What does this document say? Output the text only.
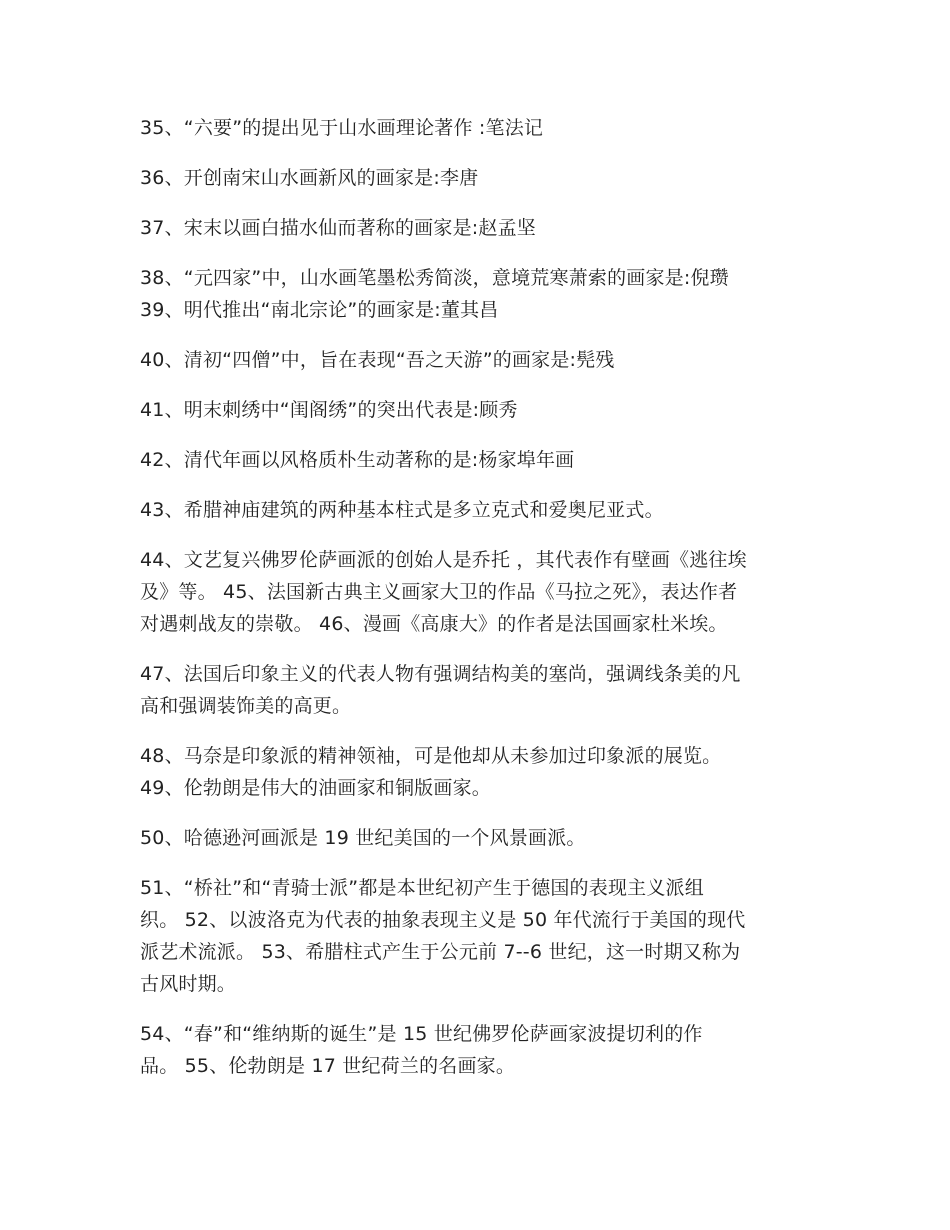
35、“六要”的提出见于山水画理论著作 :笔法记

36、开创南宋山水画新风的画家是:李唐

37、宋末以画白描水仙而著称的画家是:赵孟坚

38、“元四家”中，山水画笔墨松秀简淡，意境荒寒萧索的画家是:倪瓒

39、明代推出“南北宗论”的画家是:董其昌

40、清初“四僧”中，旨在表现“吾之天游”的画家是:髡残

41、明末刺绣中“闺阁绣”的突出代表是:顾秀

42、清代年画以风格质朴生动著称的是:杨家埠年画

43、希腊神庙建筑的两种基本柱式是多立克式和爱奥尼亚式。

44、文艺复兴佛罗伦萨画派的创始人是乔托 ，其代表作有壁画《逃往埃
及》等。 45、法国新古典主义画家大卫的作品《马拉之死》，表达作者
对遇刺战友的崇敬。 46、漫画《高康大》的作者是法国画家杜米埃。

47、法国后印象主义的代表人物有强调结构美的塞尚，强调线条美的凡
高和强调装饰美的高更。

48、马奈是印象派的精神领袖，可是他却从未参加过印象派的展览。

49、伦勃朗是伟大的油画家和铜版画家。

50、哈德逊河画派是 19 世纪美国的一个风景画派。

51、“桥社”和“青骑士派”都是本世纪初产生于德国的表现主义派组
织。 52、以波洛克为代表的抽象表现主义是 50 年代流行于美国的现代
派艺术流派。 53、希腊柱式产生于公元前 7--6 世纪，这一时期又称为
古风时期。

54、“春”和“维纳斯的诞生”是 15 世纪佛罗伦萨画家波提切利的作
品。 55、伦勃朗是 17 世纪荷兰的名画家。
